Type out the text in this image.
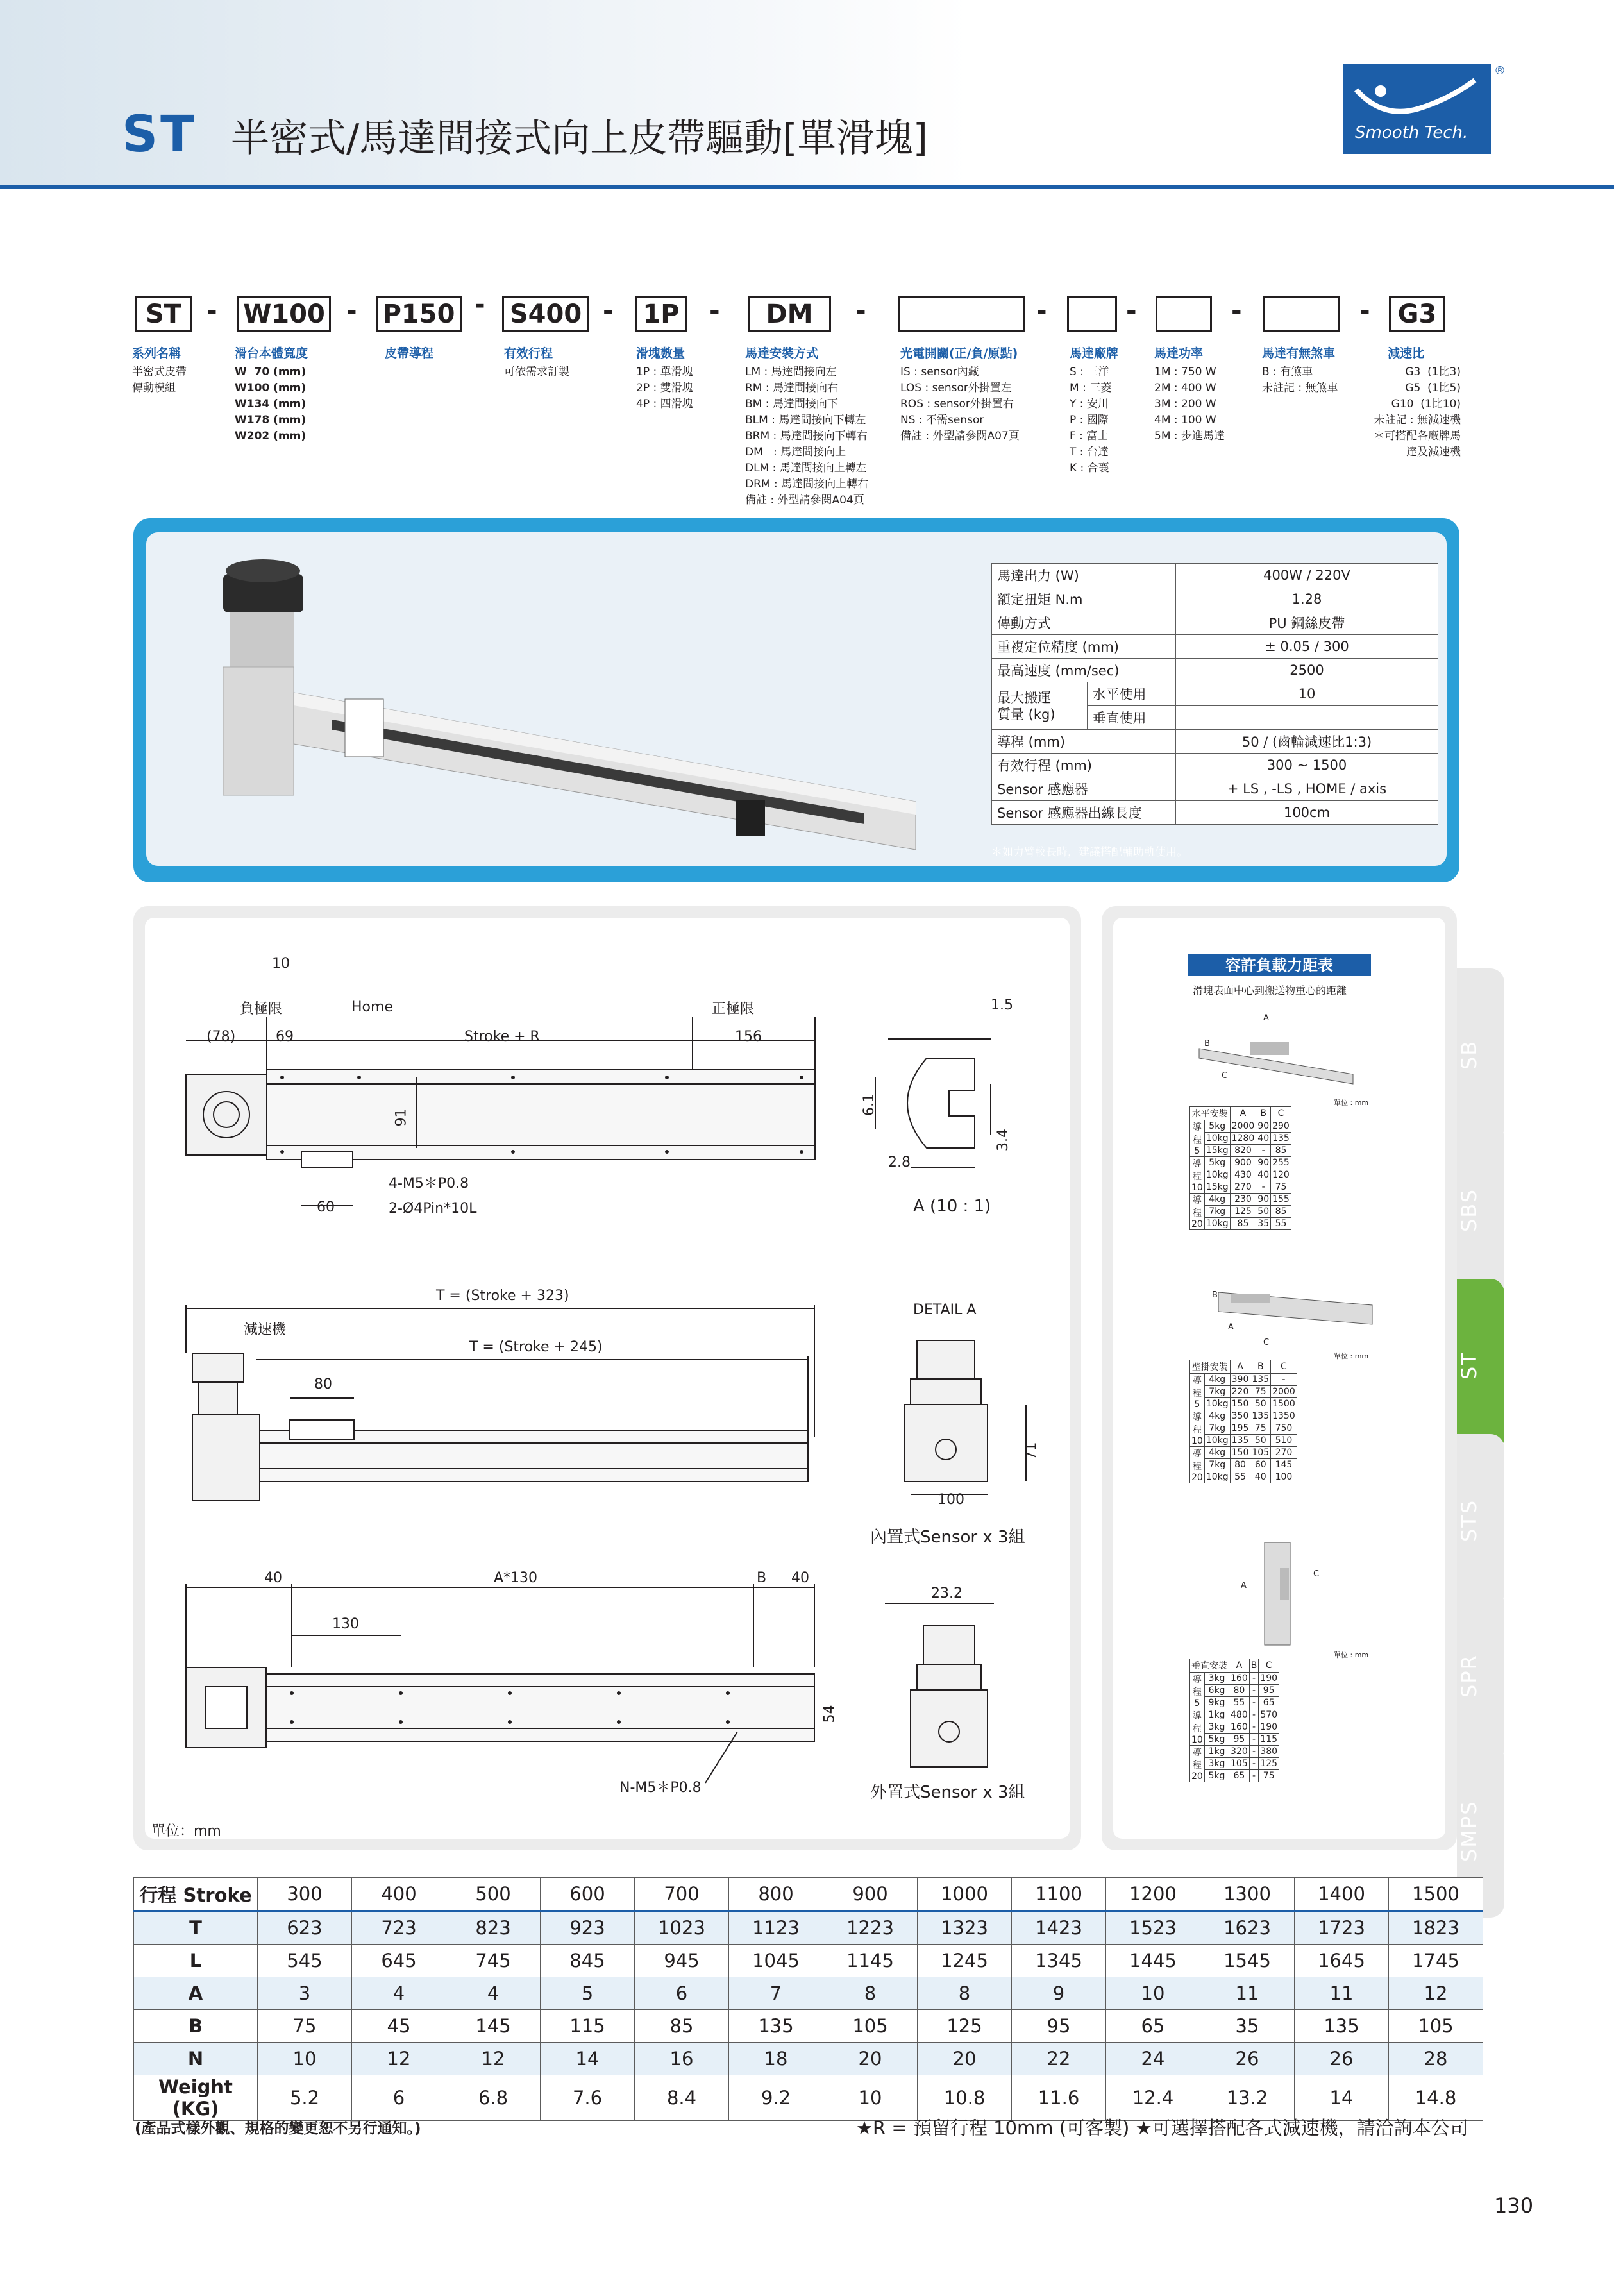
ST 半密式/馬達間接式向上皮帶驅動[單滑塊]	Smooth Tech.
®
ST - W100 - P150 - S400 -	1P	-	DM	-	-	-	-	-	G3
系列名稱
半密式皮帶
傳動模組
滑台本體寬度
W  70 (mm)
W100 (mm)
W134 (mm)
W178 (mm)
W202 (mm)
皮帶導程	有效行程
可依需求訂製
滑塊數量
1P : 單滑塊
2P : 雙滑塊
4P : 四滑塊
馬達安裝方式
LM : 馬達間接向左
RM : 馬達間接向右
BM : 馬達間接向下
BLM : 馬達間接向下轉左
BRM : 馬達間接向下轉右
DM   : 馬達間接向上
DLM : 馬達間接向上轉左
DRM : 馬達間接向上轉右
備註 : 外型請參閱A04頁
光電開關(正/負/原點)
IS : sensor內藏
LOS : sensor外掛置左
ROS : sensor外掛置右
NS : 不需sensor
備註 : 外型請參閱A07頁
馬達廠牌
S : 三洋
M : 三菱
Y : 安川
P : 國際
F : 富士
T : 台達
K : 合襄
馬達功率
1M : 750 W
2M : 400 W
3M : 200 W
4M : 100 W
5M : 步進馬達
馬達有無煞車
B : 有煞車
未註記 : 無煞車
減速比
G3  (1比3)
G5  (1比5)
G10  (1比10)
未註記 : 無減速機
＊可搭配各廠牌馬
達及減速機
馬達出力 (W)		400W / 220V
額定扭矩 N.m		1.28
傳動方式		PU 鋼絲皮帶
重複定位精度 (mm)		± 0.05 / 300
最高速度 (mm/sec)		2500
最大搬運
質量 (kg)	水平使用	10
	垂直使用	
導程 (mm)		50 / (齒輪減速比1:3)
有效行程 (mm)		300 ~ 1500
Sensor 感應器		+ LS , -LS , HOME / axis
Sensor 感應器出線長度		100cm
＊如力臂較長時，建議搭配輔助軌使用。
10
負極限	Home	正極限	1.5
(78)	69	Stroke + R	156
6.1
3.4
91
2.8
4-M5＊P0.8
2-Ø4Pin*10L
60	A (10 : 1)
T = (Stroke + 323)
減速機
T = (Stroke + 245)
80
DETAIL A
71
100
內置式Sensor x 3組
40	A*130	B 40
130
23.2
54
N-M5＊P0.8	外置式Sensor x 3組
單位：mm
容許負載力距表
滑塊表面中心到搬送物重心的距離
A
B
C
單位 : mm
水平安裝		A	B	C
導程5	5kg	2000	90	290
	10kg	1280	40	135
	15kg	820	-	85
導程10	5kg	900	90	255
	10kg	430	40	120
	15kg	270	-	75
導程20	4kg	230	90	155
	7kg	125	50	85
	10kg	85	35	55
B
A
C
單位 : mm
壁掛安裝		A	B	C
導程5	4kg	390	135	-
	7kg	220	75	2000
	10kg	150	50	1500
導程10	4kg	350	135	1350
	7kg	195	75	750
	10kg	135	50	510
導程20	4kg	150	105	270
	7kg	80	60	145
	10kg	55	40	100
A
C
單位 : mm
垂直安裝		A	B	C
導程5	3kg	160	-	190
	6kg	80	-	95
	9kg	55	-	65
導程10	1kg	480	-	570
	3kg	160	-	190
	5kg	95	-	115
導程20	1kg	320	-	380
	3kg	105	-	125
	5kg	65	-	75
SB
SBS
ST
STS
SPR
SMPS
行程 Stroke	300	400	500	600	700	800	900	1000	1100	1200	1300	1400	1500
T	623	723	823	923	1023	1123	1223	1323	1423	1523	1623	1723	1823
L	545	645	745	845	945	1045	1145	1245	1345	1445	1545	1645	1745
A	3	4	4	5	6	7	8	8	9	10	11	11	12
B	75	45	145	115	85	135	105	125	95	65	35	135	105
N	10	12	12	14	16	18	20	20	22	24	26	26	28
Weight (KG)	5.2	6	6.8	7.6	8.4	9.2	10	10.8	11.6	12.4	13.2	14	14.8
(產品式樣外觀、規格的變更恕不另行通知。)	★R = 預留行程 10mm (可客製) ★可選擇搭配各式減速機，請洽詢本公司
130
